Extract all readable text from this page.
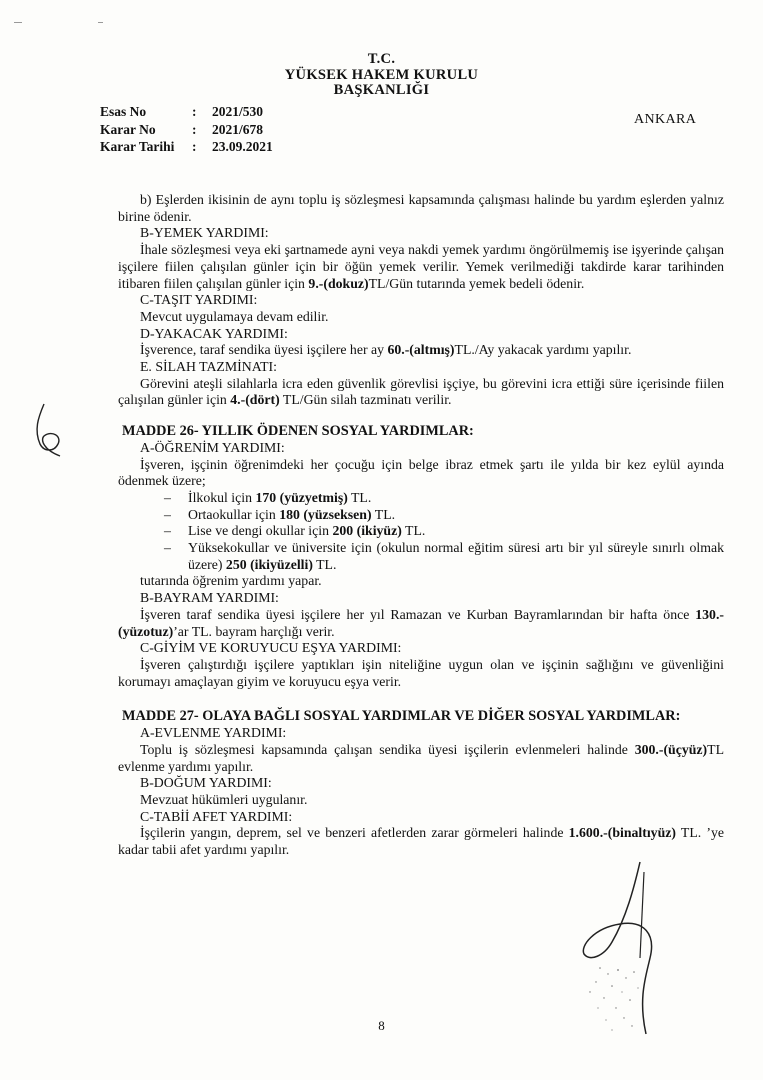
T.C.
YÜKSEK HAKEM KURULU
BAŞKANLIĞI
Esas No	:	2021/530
Karar No	:	2021/678
Karar Tarihi	:	23.09.2021
ANKARA

b) Eşlerden ikisinin de aynı toplu iş sözleşmesi kapsamında çalışması halinde bu yardım eşlerden yalnız birine ödenir.

B-YEMEK YARDIMI:

İhale sözleşmesi veya eki şartnamede ayni veya nakdi yemek yardımı öngörülmemiş ise işyerinde çalışan işçilere fiilen çalışılan günler için bir öğün yemek verilir. Yemek verilmediği takdirde karar tarihinden itibaren fiilen çalışılan günler için 9.-(dokuz)TL/Gün tutarında yemek bedeli ödenir.

C-TAŞIT YARDIMI:

Mevcut uygulamaya devam edilir.

D-YAKACAK YARDIMI:

İşverence, taraf sendika üyesi işçilere her ay 60.-(altmış)TL./Ay yakacak yardımı yapılır.

E. SİLAH TAZMİNATI:

Görevini ateşli silahlarla icra eden güvenlik görevlisi işçiye, bu görevini icra ettiği süre içerisinde fiilen çalışılan günler için 4.-(dört) TL/Gün silah tazminatı verilir.

MADDE 26- YILLIK ÖDENEN SOSYAL YARDIMLAR:

A-ÖĞRENİM YARDIMI:

İşveren, işçinin öğrenimdeki her çocuğu için belge ibraz etmek şartı ile yılda bir kez eylül ayında ödenmek üzere;

– İlkokul için 170 (yüzyetmiş) TL.
– Ortaokullar için 180 (yüzseksen) TL.
– Lise ve dengi okullar için 200 (ikiyüz) TL.
– Yüksekokullar ve üniversite için (okulun normal eğitim süresi artı bir yıl süreyle sınırlı olmak üzere) 250 (ikiyüzelli) TL.

tutarında öğrenim yardımı yapar.

B-BAYRAM YARDIMI:

İşveren taraf sendika üyesi işçilere her yıl Ramazan ve Kurban Bayramlarından bir hafta önce 130.-(yüzotuz)’ar TL. bayram harçlığı verir.

C-GİYİM VE KORUYUCU EŞYA YARDIMI:

İşveren çalıştırdığı işçilere yaptıkları işin niteliğine uygun olan ve işçinin sağlığını ve güvenliğini korumayı amaçlayan giyim ve koruyucu eşya verir.

MADDE 27- OLAYA BAĞLI SOSYAL YARDIMLAR VE DİĞER SOSYAL YARDIMLAR:

A-EVLENME YARDIMI:

Toplu iş sözleşmesi kapsamında çalışan sendika üyesi işçilerin evlenmeleri halinde 300.-(üçyüz)TL evlenme yardımı yapılır.

B-DOĞUM YARDIMI:

Mevzuat hükümleri uygulanır.

C-TABİİ AFET YARDIMI:

İşçilerin yangın, deprem, sel ve benzeri afetlerden zarar görmeleri halinde 1.600.-(binaltıyüz) TL. ’ye kadar tabii afet yardımı yapılır.

8
